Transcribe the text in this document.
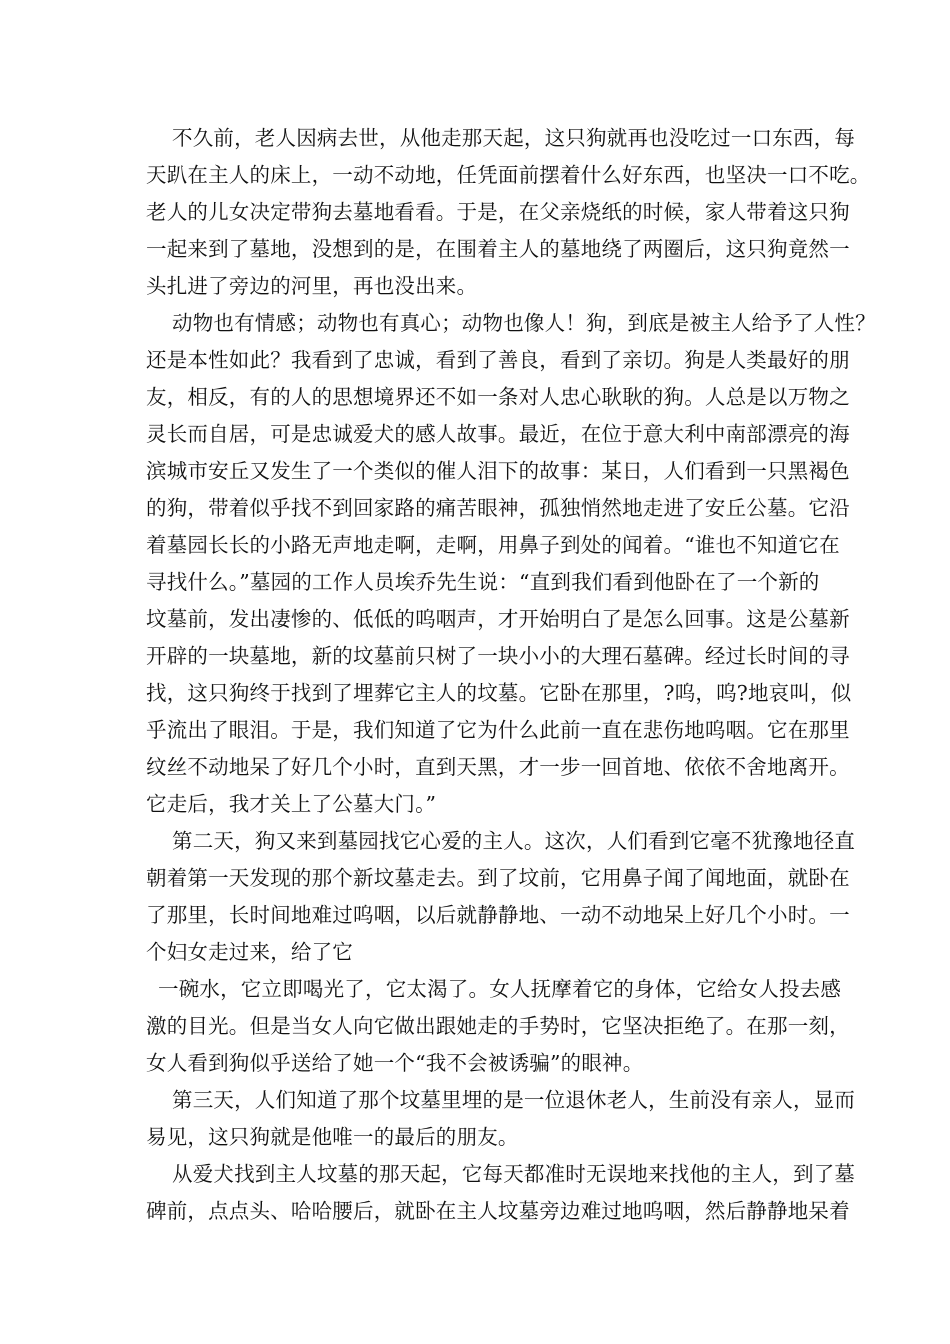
不久前，老人因病去世，从他走那天起，这只狗就再也没吃过一口东西，每
天趴在主人的床上，一动不动地，任凭面前摆着什么好东西，也坚决一口不吃。
老人的儿女决定带狗去墓地看看。于是，在父亲烧纸的时候，家人带着这只狗
一起来到了墓地，没想到的是，在围着主人的墓地绕了两圈后，这只狗竟然一
头扎进了旁边的河里，再也没出来。
动物也有情感；动物也有真心；动物也像人！狗，到底是被主人给予了人性？
还是本性如此？我看到了忠诚，看到了善良，看到了亲切。狗是人类最好的朋
友，相反，有的人的思想境界还不如一条对人忠心耿耿的狗。人总是以万物之
灵长而自居，可是忠诚爱犬的感人故事。最近，在位于意大利中南部漂亮的海
滨城市安丘又发生了一个类似的催人泪下的故事：某日，人们看到一只黑褐色
的狗，带着似乎找不到回家路的痛苦眼神，孤独悄然地走进了安丘公墓。它沿
着墓园长长的小路无声地走啊，走啊，用鼻子到处的闻着。“谁也不知道它在
寻找什么。”墓园的工作人员埃乔先生说：“直到我们看到他卧在了一个新的
坟墓前，发出凄惨的、低低的呜咽声，才开始明白了是怎么回事。这是公墓新
开辟的一块墓地，新的坟墓前只树了一块小小的大理石墓碑。经过长时间的寻
找，这只狗终于找到了埋葬它主人的坟墓。它卧在那里，?呜，呜?地哀叫，似
乎流出了眼泪。于是，我们知道了它为什么此前一直在悲伤地呜咽。它在那里
纹丝不动地呆了好几个小时，直到天黑，才一步一回首地、依依不舍地离开。
它走后，我才关上了公墓大门。”
第二天，狗又来到墓园找它心爱的主人。这次，人们看到它毫不犹豫地径直
朝着第一天发现的那个新坟墓走去。到了坟前，它用鼻子闻了闻地面，就卧在
了那里，长时间地难过呜咽，以后就静静地、一动不动地呆上好几个小时。一
个妇女走过来，给了它
一碗水，它立即喝光了，它太渴了。女人抚摩着它的身体，它给女人投去感
激的目光。但是当女人向它做出跟她走的手势时，它坚决拒绝了。在那一刻，
女人看到狗似乎送给了她一个“我不会被诱骗”的眼神。
第三天，人们知道了那个坟墓里埋的是一位退休老人，生前没有亲人，显而
易见，这只狗就是他唯一的最后的朋友。
从爱犬找到主人坟墓的那天起，它每天都准时无误地来找他的主人，到了墓
碑前，点点头、哈哈腰后，就卧在主人坟墓旁边难过地呜咽，然后静静地呆着
